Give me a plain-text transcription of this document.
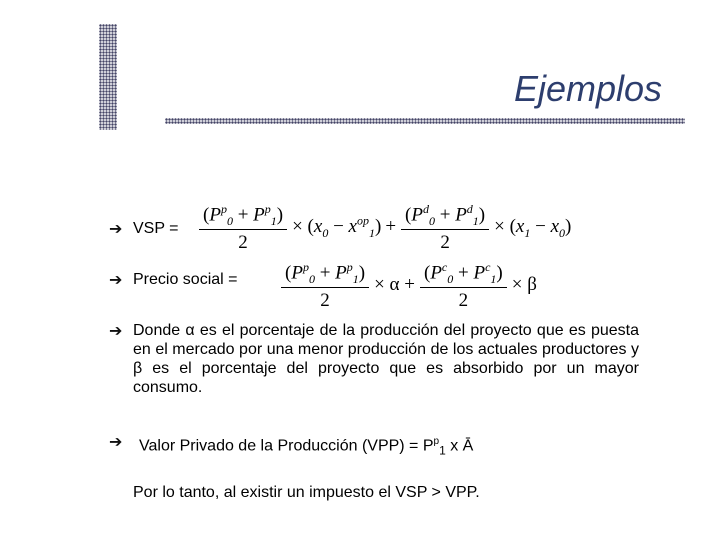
Ejemplos
➔ VSP = $\frac{(P^p_0 + P^p_1)}{2} \times (x_0 - x^{op}_1) + \frac{(P^d_0 + P^d_1)}{2} \times (x_1 - x_0)$
➔ Precio social = $\frac{(P^p_0 + P^p_1)}{2} \times \alpha + \frac{(P^c_0 + P^c_1)}{2} \times \beta$
➔ Donde α es el porcentaje de la producción del proyecto que es puesta en el mercado por una menor producción de los actuales productores y β es el porcentaje del proyecto que es absorbido por un mayor consumo.
➔ Valor Privado de la Producción $(VPP) = P^p_1$ x Ā
Por lo tanto, al existir un impuesto el VSP > VPP.
